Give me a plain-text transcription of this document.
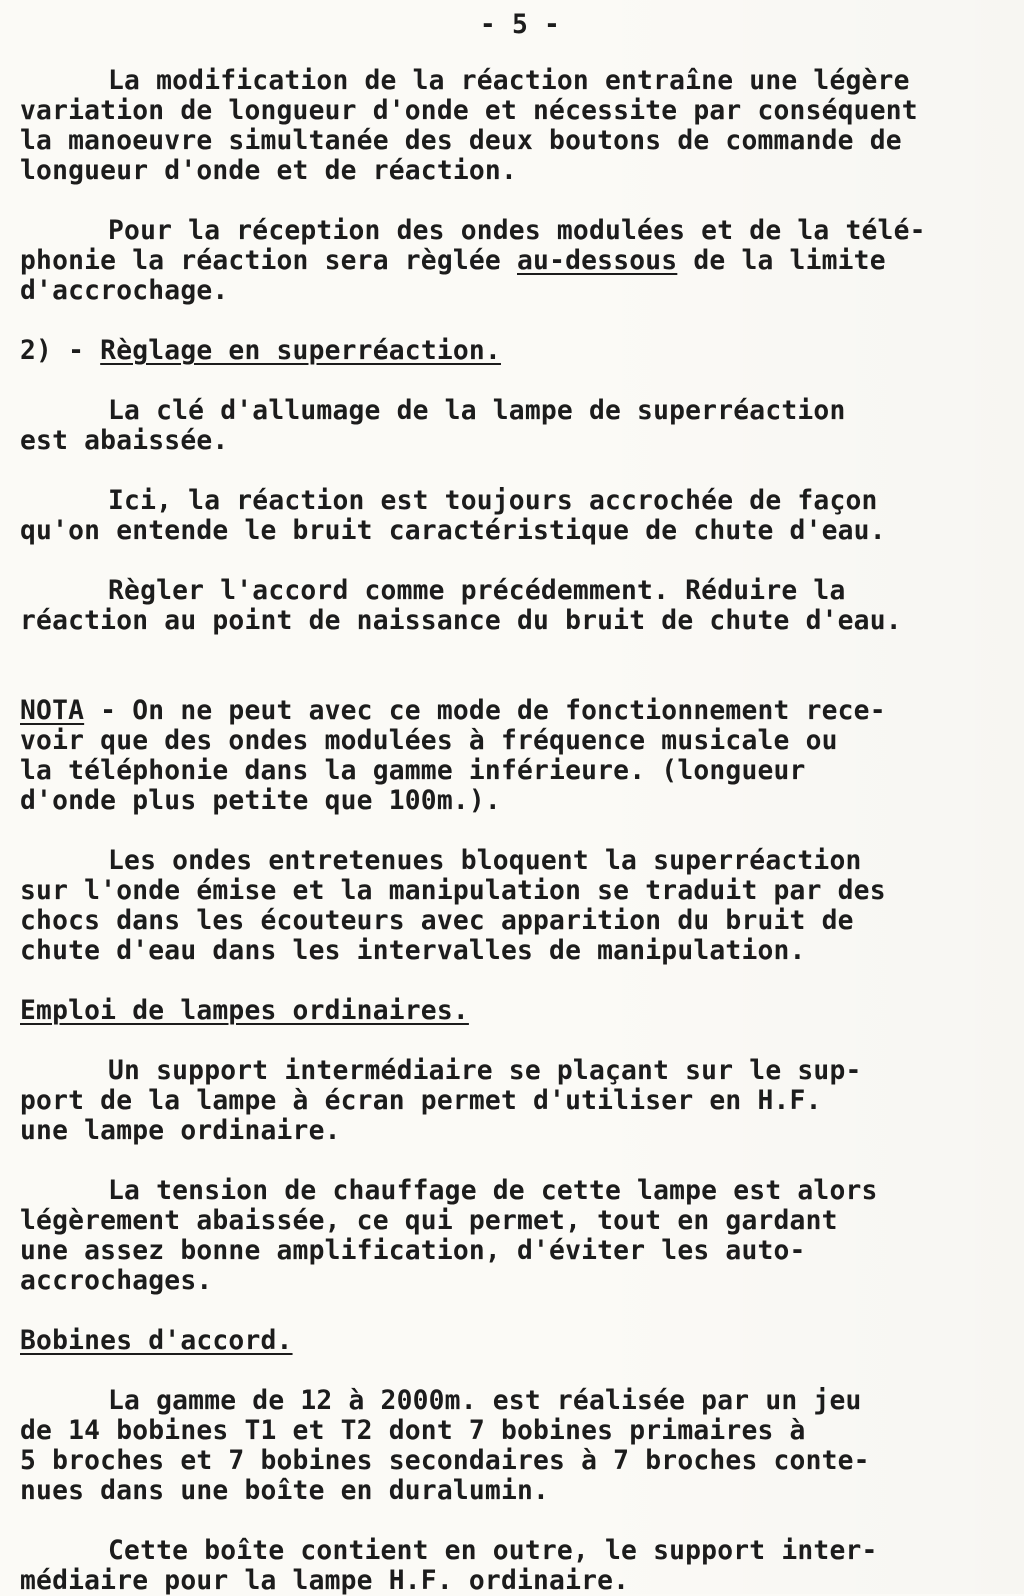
- 5 -
La modification de la réaction entraîne une légère
variation de longueur d'onde et nécessite par conséquent
la manoeuvre simultanée des deux boutons de commande de
longueur d'onde et de réaction.
Pour la réception des ondes modulées et de la télé-
phonie la réaction sera règlée au-dessous de la limite
d'accrochage.
2) - Règlage en superréaction.
La clé d'allumage de la lampe de superréaction
est abaissée.
Ici, la réaction est toujours accrochée de façon
qu'on entende le bruit caractéristique de chute d'eau.
Règler l'accord comme précédemment. Réduire la
réaction au point de naissance du bruit de chute d'eau.
NOTA - On ne peut avec ce mode de fonctionnement rece-
voir que des ondes modulées à fréquence musicale ou
la téléphonie dans la gamme inférieure. (longueur
d'onde plus petite que 100m.).
Les ondes entretenues bloquent la superréaction
sur l'onde émise et la manipulation se traduit par des
chocs dans les écouteurs avec apparition du bruit de
chute d'eau dans les intervalles de manipulation.
Emploi de lampes ordinaires.
Un support intermédiaire se plaçant sur le sup-
port de la lampe à écran permet d'utiliser en H.F.
une lampe ordinaire.
La tension de chauffage de cette lampe est alors
légèrement abaissée, ce qui permet, tout en gardant
une assez bonne amplification, d'éviter les auto-
accrochages.
Bobines d'accord.
La gamme de 12 à 2000m. est réalisée par un jeu
de 14 bobines T1 et T2 dont 7 bobines primaires à
5 broches et 7 bobines secondaires à 7 broches conte-
nues dans une boîte en duralumin.
Cette boîte contient en outre, le support inter-
médiaire pour la lampe H.F. ordinaire.
